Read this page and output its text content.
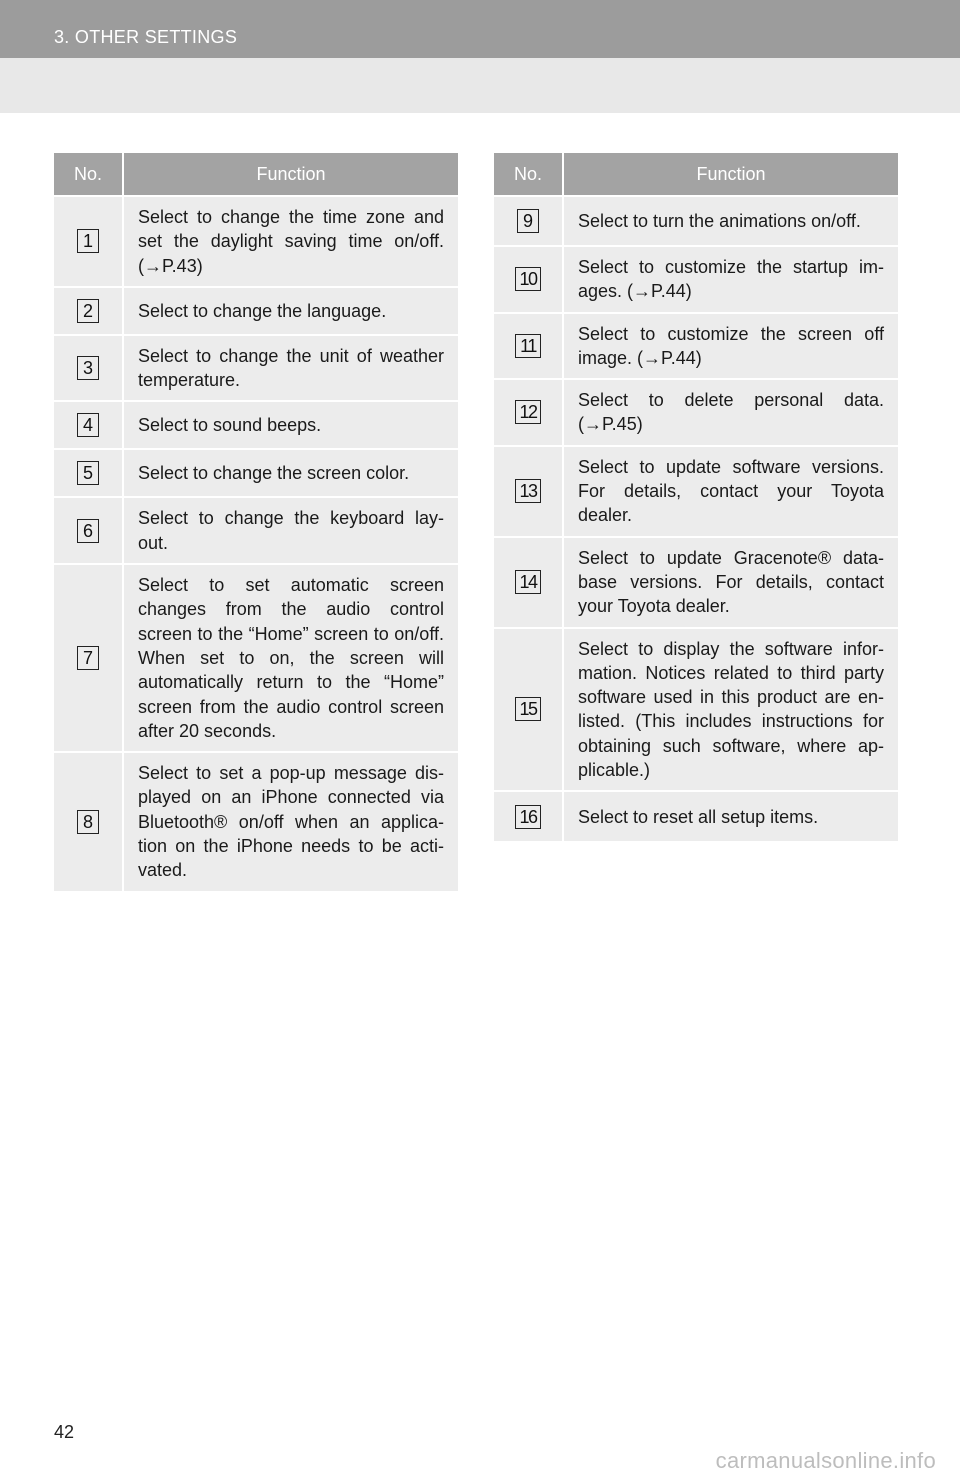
3. OTHER SETTINGS
No.	Function
1	Select to change the time zone and set the daylight saving time on/off. (→P.43)
2	Select to change the language.
3	Select to change the unit of weather temperature.
4	Select to sound beeps.
5	Select to change the screen color.
6	Select to change the keyboard lay-out.
7	Select to set automatic screen changes from the audio control screen to the “Home” screen to on/off. When set to on, the screen will automatically return to the “Home” screen from the audio control screen after 20 seconds.
8	Select to set a pop-up message dis-played on an iPhone connected via Bluetooth® on/off when an applica-tion on the iPhone needs to be acti-vated.
No.	Function
9	Select to turn the animations on/off.
10	Select to customize the startup im-ages. (→P.44)
11	Select to customize the screen off image. (→P.44)
12	Select to delete personal data. (→P.45)
13	Select to update software versions. For details, contact your Toyota dealer.
14	Select to update Gracenote® data-base versions. For details, contact your Toyota dealer.
15	Select to display the software infor-mation. Notices related to third party software used in this product are en-listed. (This includes instructions for obtaining such software, where ap-plicable.)
16	Select to reset all setup items.
42
carmanualsonline.info
